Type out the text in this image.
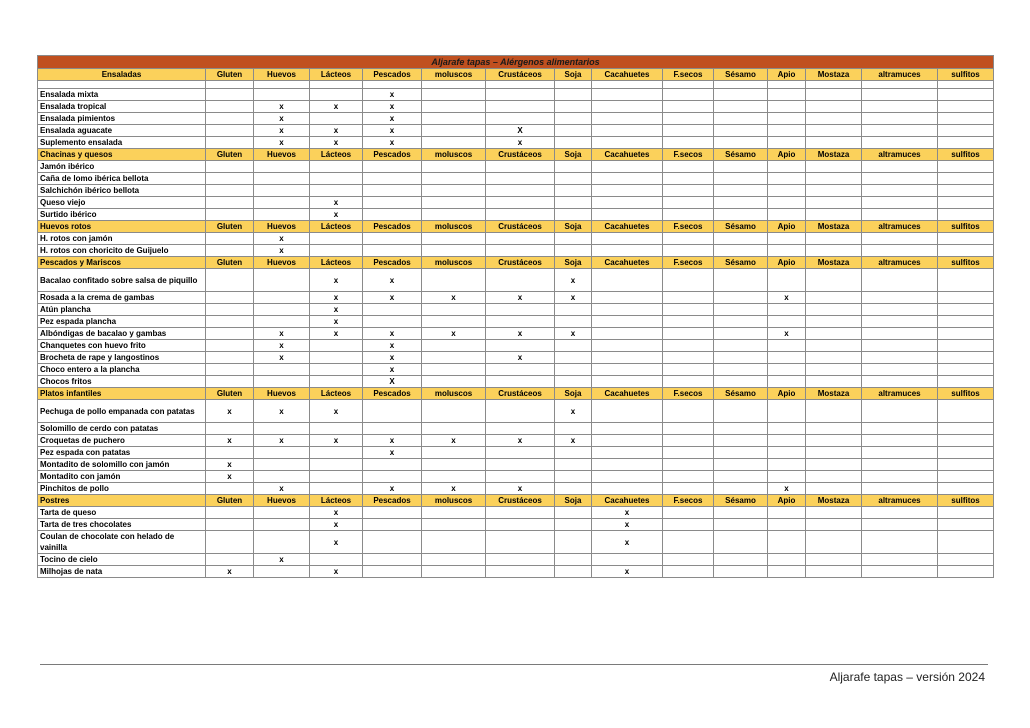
Aljarafe tapas – Alérgenos alimentarios														
Ensaladas	Gluten	Huevos	Lácteos	Pescados	moluscos	Crustáceos	Soja	Cacahuetes	F.secos	Sésamo	Apio	Mostaza	altramuces	sulfitos

Ensalada mixta				x										
Ensalada tropical		x	x	x										
Ensalada pimientos		x		x										
Ensalada aguacate		x	x	x		X								
Suplemento ensalada		x	x	x		x								
Chacinas y quesos	Gluten	Huevos	Lácteos	Pescados	moluscos	Crustáceos	Soja	Cacahuetes	F.secos	Sésamo	Apio	Mostaza	altramuces	sulfitos
Jamón ibérico														
Caña de lomo ibérica bellota														
Salchichón ibérico bellota														
Queso viejo			x											
Surtido ibérico			x											
Huevos rotos	Gluten	Huevos	Lácteos	Pescados	moluscos	Crustáceos	Soja	Cacahuetes	F.secos	Sésamo	Apio	Mostaza	altramuces	sulfitos
H. rotos con jamón		x												
H. rotos con choricito de Guijuelo		x												
Pescados y Mariscos	Gluten	Huevos	Lácteos	Pescados	moluscos	Crustáceos	Soja	Cacahuetes	F.secos	Sésamo	Apio	Mostaza	altramuces	sulfitos
Bacalao confitado sobre salsa de piquillo			x	x			x							
Rosada a la crema de gambas			x	x	x	x	x				x			
Atún plancha			x											
Pez espada plancha			x											
Albóndigas de bacalao y gambas		x	x	x	x	x	x				x			
Chanquetes con huevo frito		x		x										
Brocheta de rape y langostinos		x		x		x								
Choco entero a la plancha				x										
Chocos fritos				X										
Platos infantiles	Gluten	Huevos	Lácteos	Pescados	moluscos	Crustáceos	Soja	Cacahuetes	F.secos	Sésamo	Apio	Mostaza	altramuces	sulfitos
Pechuga de pollo empanada con patatas	x	x	x				x							
Solomillo de cerdo con patatas														
Croquetas de puchero	x	x	x	x	x	x	x							
Pez espada con patatas				x										
Montadito de solomillo con jamón	x													
Montadito con jamón	x													
Pinchitos de pollo		x		x	x	x					x			
Postres	Gluten	Huevos	Lácteos	Pescados	moluscos	Crustáceos	Soja	Cacahuetes	F.secos	Sésamo	Apio	Mostaza	altramuces	sulfitos
Tarta de queso			x					x						
Tarta de tres chocolates			x					x						
Coulan de chocolate con helado de vainilla			x					x						
Tocino de cielo		x												
Milhojas de nata	x		x					x						
Aljarafe tapas – versión 2024
